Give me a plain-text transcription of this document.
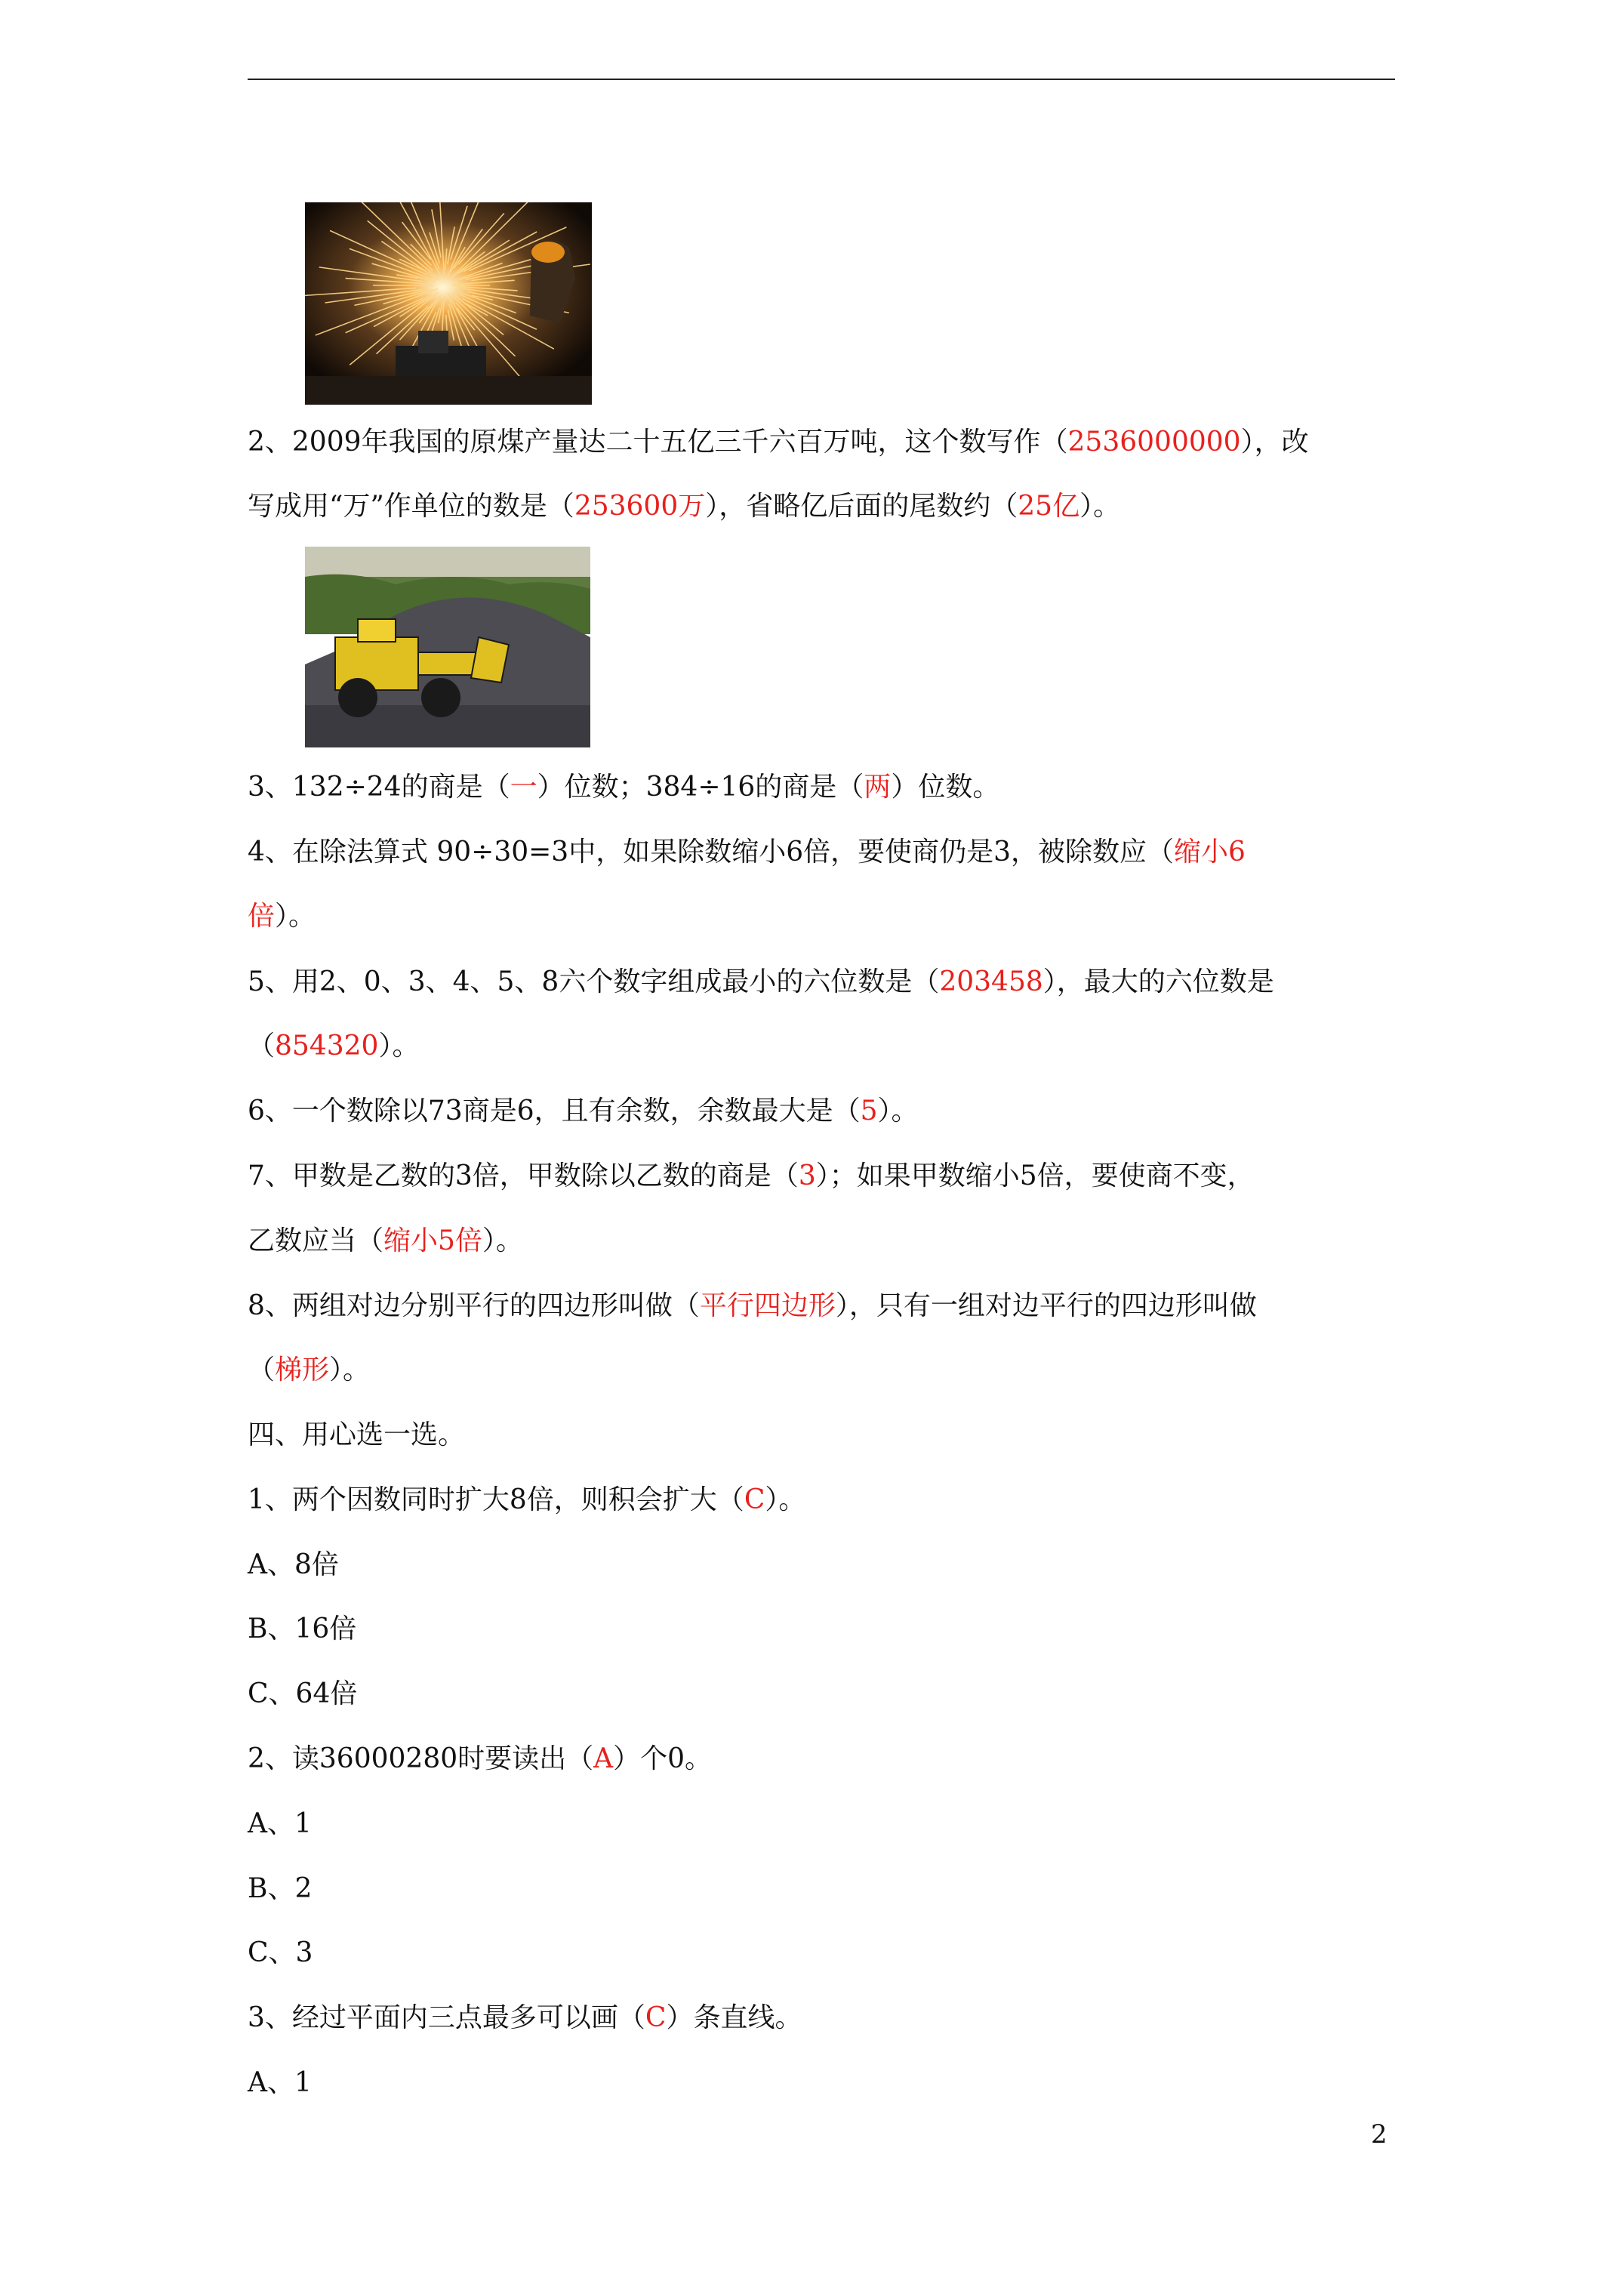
2、2009年我国的原煤产量达二十五亿三千六百万吨，这个数写作（2536000000），改
写成用“万”作单位的数是（253600万），省略亿后面的尾数约（25亿）。
3、132÷24的商是（一）位数；384÷16的商是（两）位数。
4、在除法算式 90÷30=3中，如果除数缩小6倍，要使商仍是3，被除数应（缩小6
倍）。
5、用2、0、3、4、5、8六个数字组成最小的六位数是（203458），最大的六位数是
（854320）。
6、一个数除以73商是6，且有余数，余数最大是（5）。
7、甲数是乙数的3倍，甲数除以乙数的商是（3）；如果甲数缩小5倍，要使商不变，
乙数应当（缩小5倍）。
8、两组对边分别平行的四边形叫做（平行四边形），只有一组对边平行的四边形叫做
（梯形）。
四、用心选一选。
1、两个因数同时扩大8倍，则积会扩大（C）。
A、8倍
B、16倍
C、64倍
2、读36000280时要读出（A）个0。
A、1
B、2
C、3
3、经过平面内三点最多可以画（C）条直线。
A、1
2
